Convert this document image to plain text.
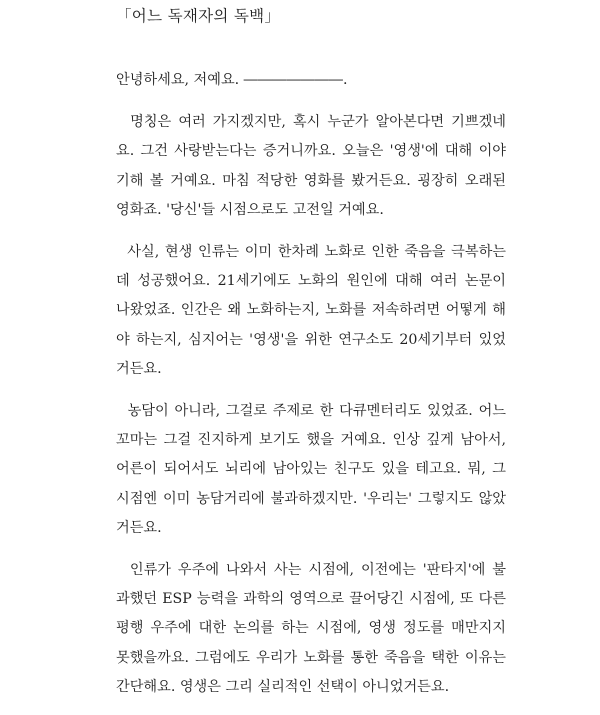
「어느 독재자의 독백」

안녕하세요, 저예요. ―――――――.

명칭은 여러 가지겠지만, 혹시 누군가 알아본다면 기쁘겠네
요. 그건 사랑받는다는 증거니까요. 오늘은 '영생'에 대해 이야
기해 볼 거예요. 마침 적당한 영화를 봤거든요. 굉장히 오래된
영화죠. '당신'들 시점으로도 고전일 거예요.

사실, 현생 인류는 이미 한차례 노화로 인한 죽음을 극복하는
데 성공했어요. 21세기에도 노화의 원인에 대해 여러 논문이
나왔었죠. 인간은 왜 노화하는지, 노화를 저속하려면 어떻게 해
야 하는지, 심지어는 '영생'을 위한 연구소도 20세기부터 있었
거든요.

농담이 아니라, 그걸로 주제로 한 다큐멘터리도 있었죠. 어느
꼬마는 그걸 진지하게 보기도 했을 거예요. 인상 깊게 남아서,
어른이 되어서도 뇌리에 남아있는 친구도 있을 테고요. 뭐, 그
시점엔 이미 농담거리에 불과하겠지만. '우리는' 그렇지도 않았
거든요.

인류가 우주에 나와서 사는 시점에, 이전에는 '판타지'에 불
과했던 ESP 능력을 과학의 영역으로 끌어당긴 시점에, 또 다른
평행 우주에 대한 논의를 하는 시점에, 영생 정도를 매만지지
못했을까요. 그럼에도 우리가 노화를 통한 죽음을 택한 이유는
간단해요. 영생은 그리 실리적인 선택이 아니었거든요.
